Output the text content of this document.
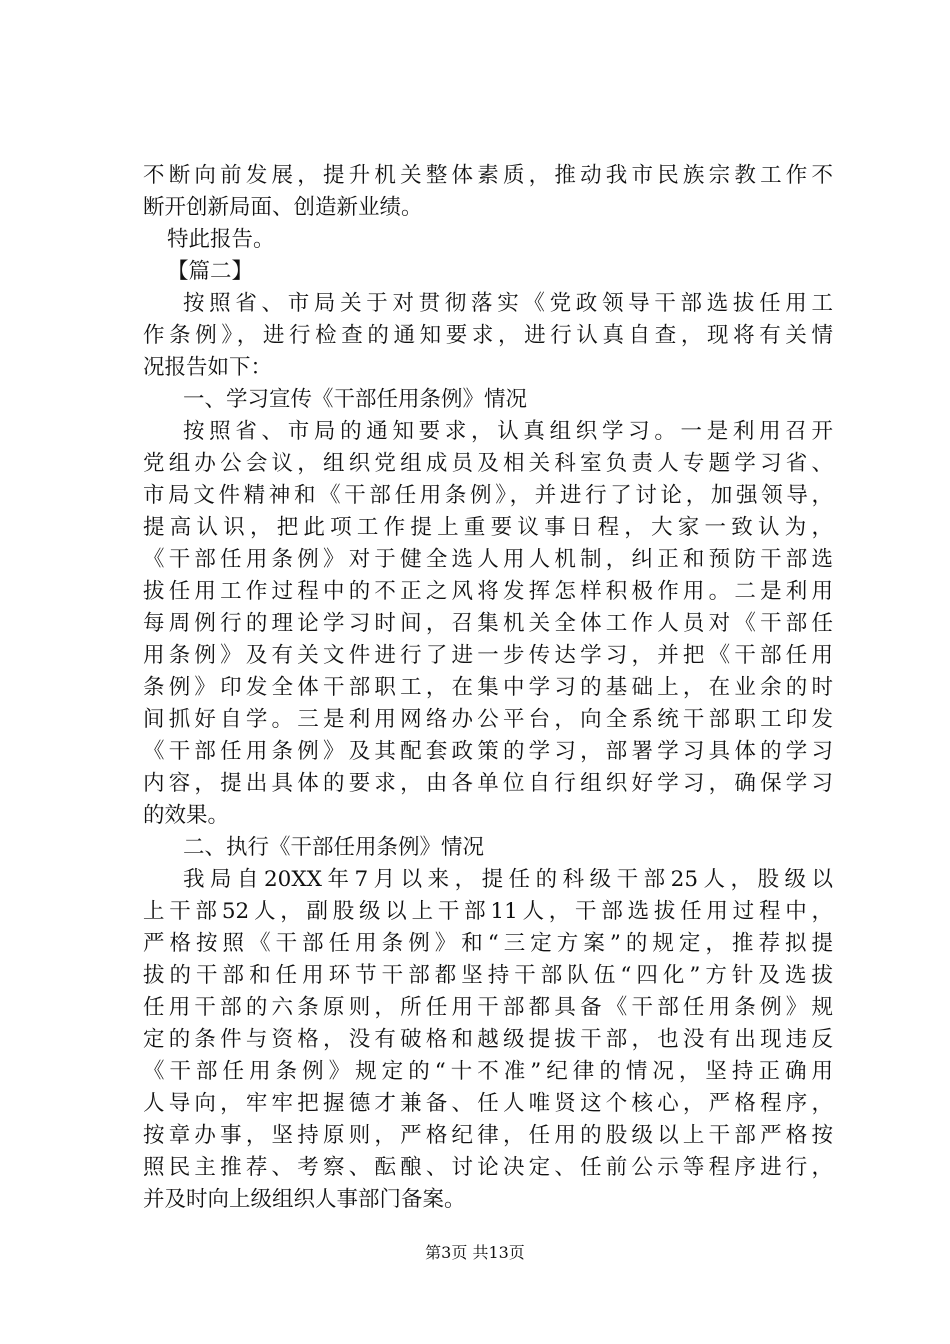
不断向前发展，提升机关整体素质，推动我市民族宗教工作不
断开创新局面、创造新业绩。
特此报告。
【篇二】
按照省、市局关于对贯彻落实《党政领导干部选拔任用工
作条例》，进行检查的通知要求，进行认真自查，现将有关情
况报告如下：
一、学习宣传《干部任用条例》情况
按照省、市局的通知要求，认真组织学习。一是利用召开
党组办公会议，组织党组成员及相关科室负责人专题学习省、
市局文件精神和《干部任用条例》，并进行了讨论，加强领导，
提高认识，把此项工作提上重要议事日程，大家一致认为，
《干部任用条例》对于健全选人用人机制，纠正和预防干部选
拔任用工作过程中的不正之风将发挥怎样积极作用。二是利用
每周例行的理论学习时间，召集机关全体工作人员对《干部任
用条例》及有关文件进行了进一步传达学习，并把《干部任用
条例》印发全体干部职工，在集中学习的基础上，在业余的时
间抓好自学。三是利用网络办公平台，向全系统干部职工印发
《干部任用条例》及其配套政策的学习，部署学习具体的学习
内容，提出具体的要求，由各单位自行组织好学习，确保学习
的效果。
二、执行《干部任用条例》情况
我局自20XX年7月以来，提任的科级干部25人，股级以
上干部52人，副股级以上干部11人，干部选拔任用过程中，
严格按照《干部任用条例》和“三定方案”的规定，推荐拟提
拔的干部和任用环节干部都坚持干部队伍“四化”方针及选拔
任用干部的六条原则，所任用干部都具备《干部任用条例》规
定的条件与资格，没有破格和越级提拔干部，也没有出现违反
《干部任用条例》规定的“十不准”纪律的情况，坚持正确用
人导向，牢牢把握德才兼备、任人唯贤这个核心，严格程序，
按章办事，坚持原则，严格纪律，任用的股级以上干部严格按
照民主推荐、考察、酝酿、讨论决定、任前公示等程序进行，
并及时向上级组织人事部门备案。
第3页 共13页
